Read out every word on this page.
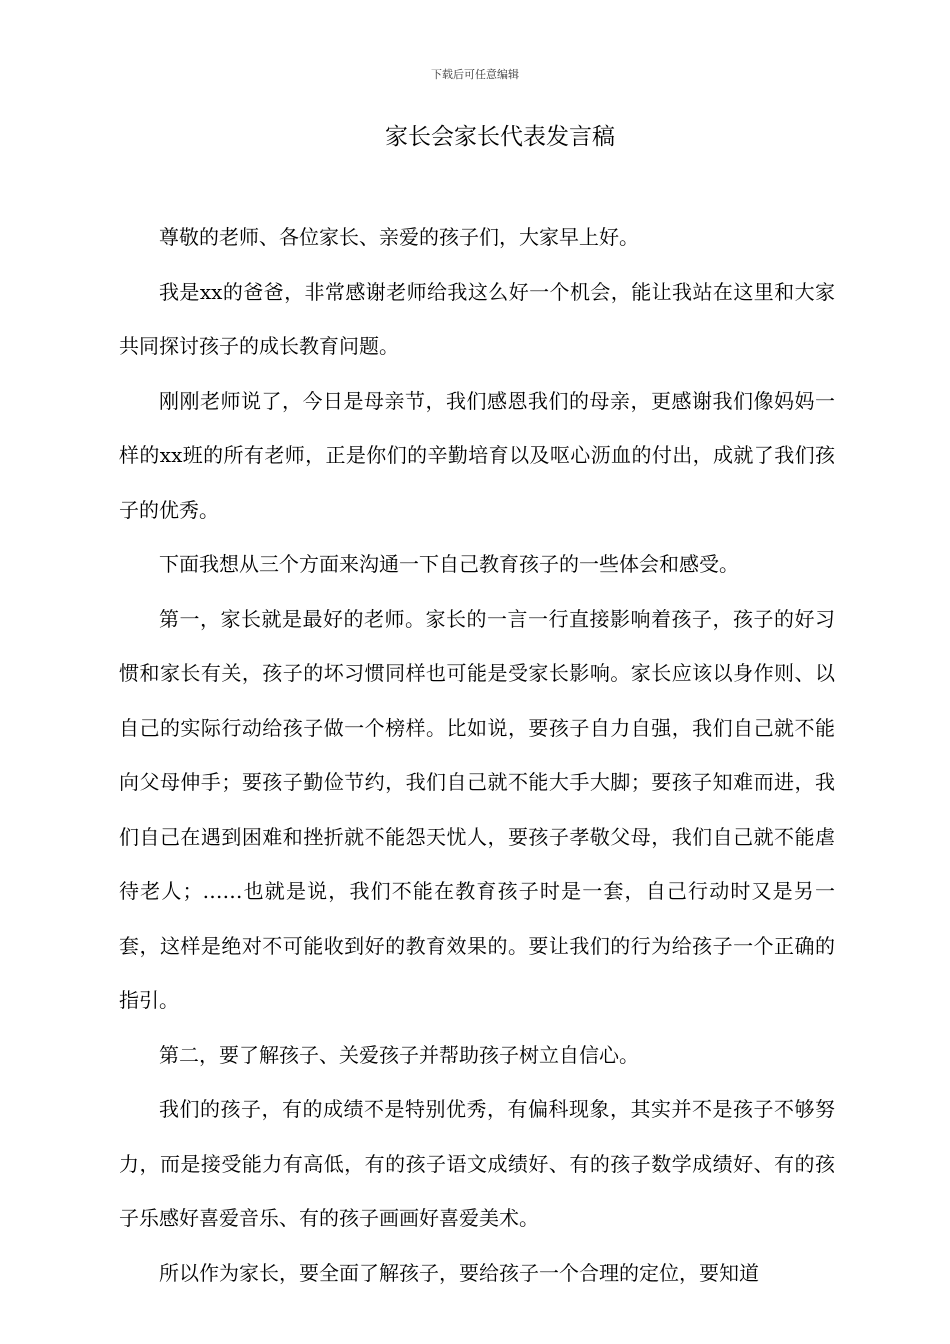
下载后可任意编辑
家长会家长代表发言稿

尊敬的老师、各位家长、亲爱的孩子们，大家早上好。

我是xx的爸爸，非常感谢老师给我这么好一个机会，能让我站在这里和大家共同探讨孩子的成长教育问题。

刚刚老师说了，今日是母亲节，我们感恩我们的母亲，更感谢我们像妈妈一样的xx班的所有老师，正是你们的辛勤培育以及呕心沥血的付出，成就了我们孩子的优秀。

下面我想从三个方面来沟通一下自己教育孩子的一些体会和感受。

第一，家长就是最好的老师。家长的一言一行直接影响着孩子，孩子的好习惯和家长有关，孩子的坏习惯同样也可能是受家长影响。家长应该以身作则、以自己的实际行动给孩子做一个榜样。比如说，要孩子自力自强，我们自己就不能向父母伸手；要孩子勤俭节约，我们自己就不能大手大脚；要孩子知难而进，我们自己在遇到困难和挫折就不能怨天忧人，要孩子孝敬父母，我们自己就不能虐待老人；……也就是说，我们不能在教育孩子时是一套，自己行动时又是另一套，这样是绝对不可能收到好的教育效果的。要让我们的行为给孩子一个正确的指引。

第二，要了解孩子、关爱孩子并帮助孩子树立自信心。

我们的孩子，有的成绩不是特别优秀，有偏科现象，其实并不是孩子不够努力，而是接受能力有高低，有的孩子语文成绩好、有的孩子数学成绩好、有的孩子乐感好喜爱音乐、有的孩子画画好喜爱美术。

所以作为家长，要全面了解孩子，要给孩子一个合理的定位，要知道
